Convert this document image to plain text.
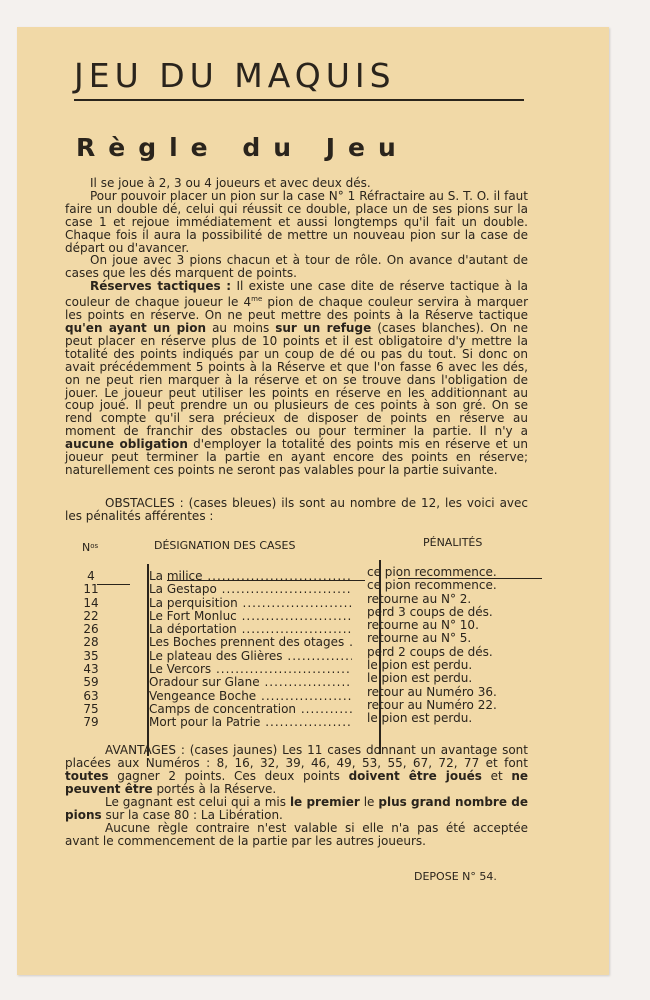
JEU DU MAQUIS
Règle du Jeu

Il se joue à 2, 3 ou 4 joueurs et avec deux dés.

Pour pouvoir placer un pion sur la case N° 1 Réfractaire au S. T. O. il faut faire un double dé, celui qui réussit ce double, place un de ses pions sur la case 1 et rejoue immédiatement et aussi longtemps qu'il fait un double. Chaque fois il aura la possibilité de mettre un nouveau pion sur la case de départ ou d'avancer.

On joue avec 3 pions chacun et à tour de rôle. On avance d'autant de cases que les dés marquent de points.

Réserves tactiques : Il existe une case dite de réserve tactique à la couleur de chaque joueur le $4^{me}$ pion de chaque couleur servira à marquer les points en réserve. On ne peut mettre des points à la Réserve tactique qu'en ayant un pion au moins sur un refuge (cases blanches). On ne peut placer en réserve plus de 10 points et il est obligatoire d'y mettre la totalité des points indiqués par un coup de dé ou pas du tout. Si donc on avait précédemment 5 points à la Réserve et que l'on fasse 6 avec les dés, on ne peut rien marquer à la réserve et on se trouve dans l'obligation de jouer. Le joueur peut utiliser les points en réserve en les additionnant au coup joué. Il peut prendre un ou plusieurs de ces points à son gré. On se rend compte qu'il sera précieux de disposer de points en réserve au moment de franchir des obstacles ou pour terminer la partie. Il n'y a aucune obligation d'employer la totalité des points mis en réserve et un joueur peut terminer la partie en ayant encore des points en réserve; naturellement ces points ne seront pas valables pour la partie suivante.

OBSTACLES : (cases bleues) ils sont au nombre de 12, les voici avec les pénalités afférentes :

$N^{os}$	DÉSIGNATION DES CASES	PÉNALITÉS
4
11
14
22
26
28
35
43
59
63
75
79
La milice .....
La Gestapo .....
La perquisition .....
Le Fort Monluc .....
La déportation .....
Les Boches prennent des otages .....
Le plateau des Glières .....
Le Vercors .....
Oradour sur Glane .....
Vengeance Boche .....
Camps de concentration .....
Mort pour la Patrie .....
ce pion recommence.
ce pion recommence.
retourne au N° 2.
perd 3 coups de dés.
retourne au N° 10.
retourne au N° 5.
perd 2 coups de dés.
le pion est perdu.
le pion est perdu.
retour au Numéro 36.
retour au Numéro 22.
le pion est perdu.

AVANTAGES : (cases jaunes) Les 11 cases donnant un avantage sont placées aux Numéros : 8, 16, 32, 39, 46, 49, 53, 55, 67, 72, 77 et font toutes gagner 2 points. Ces deux points doivent être joués et ne peuvent être portés à la Réserve.

Le gagnant est celui qui a mis le premier le plus grand nombre de pions sur la case 80 : La Libération.

Aucune règle contraire n'est valable si elle n'a pas été acceptée avant le commencement de la partie par les autres joueurs.

DEPOSE N° 54.
